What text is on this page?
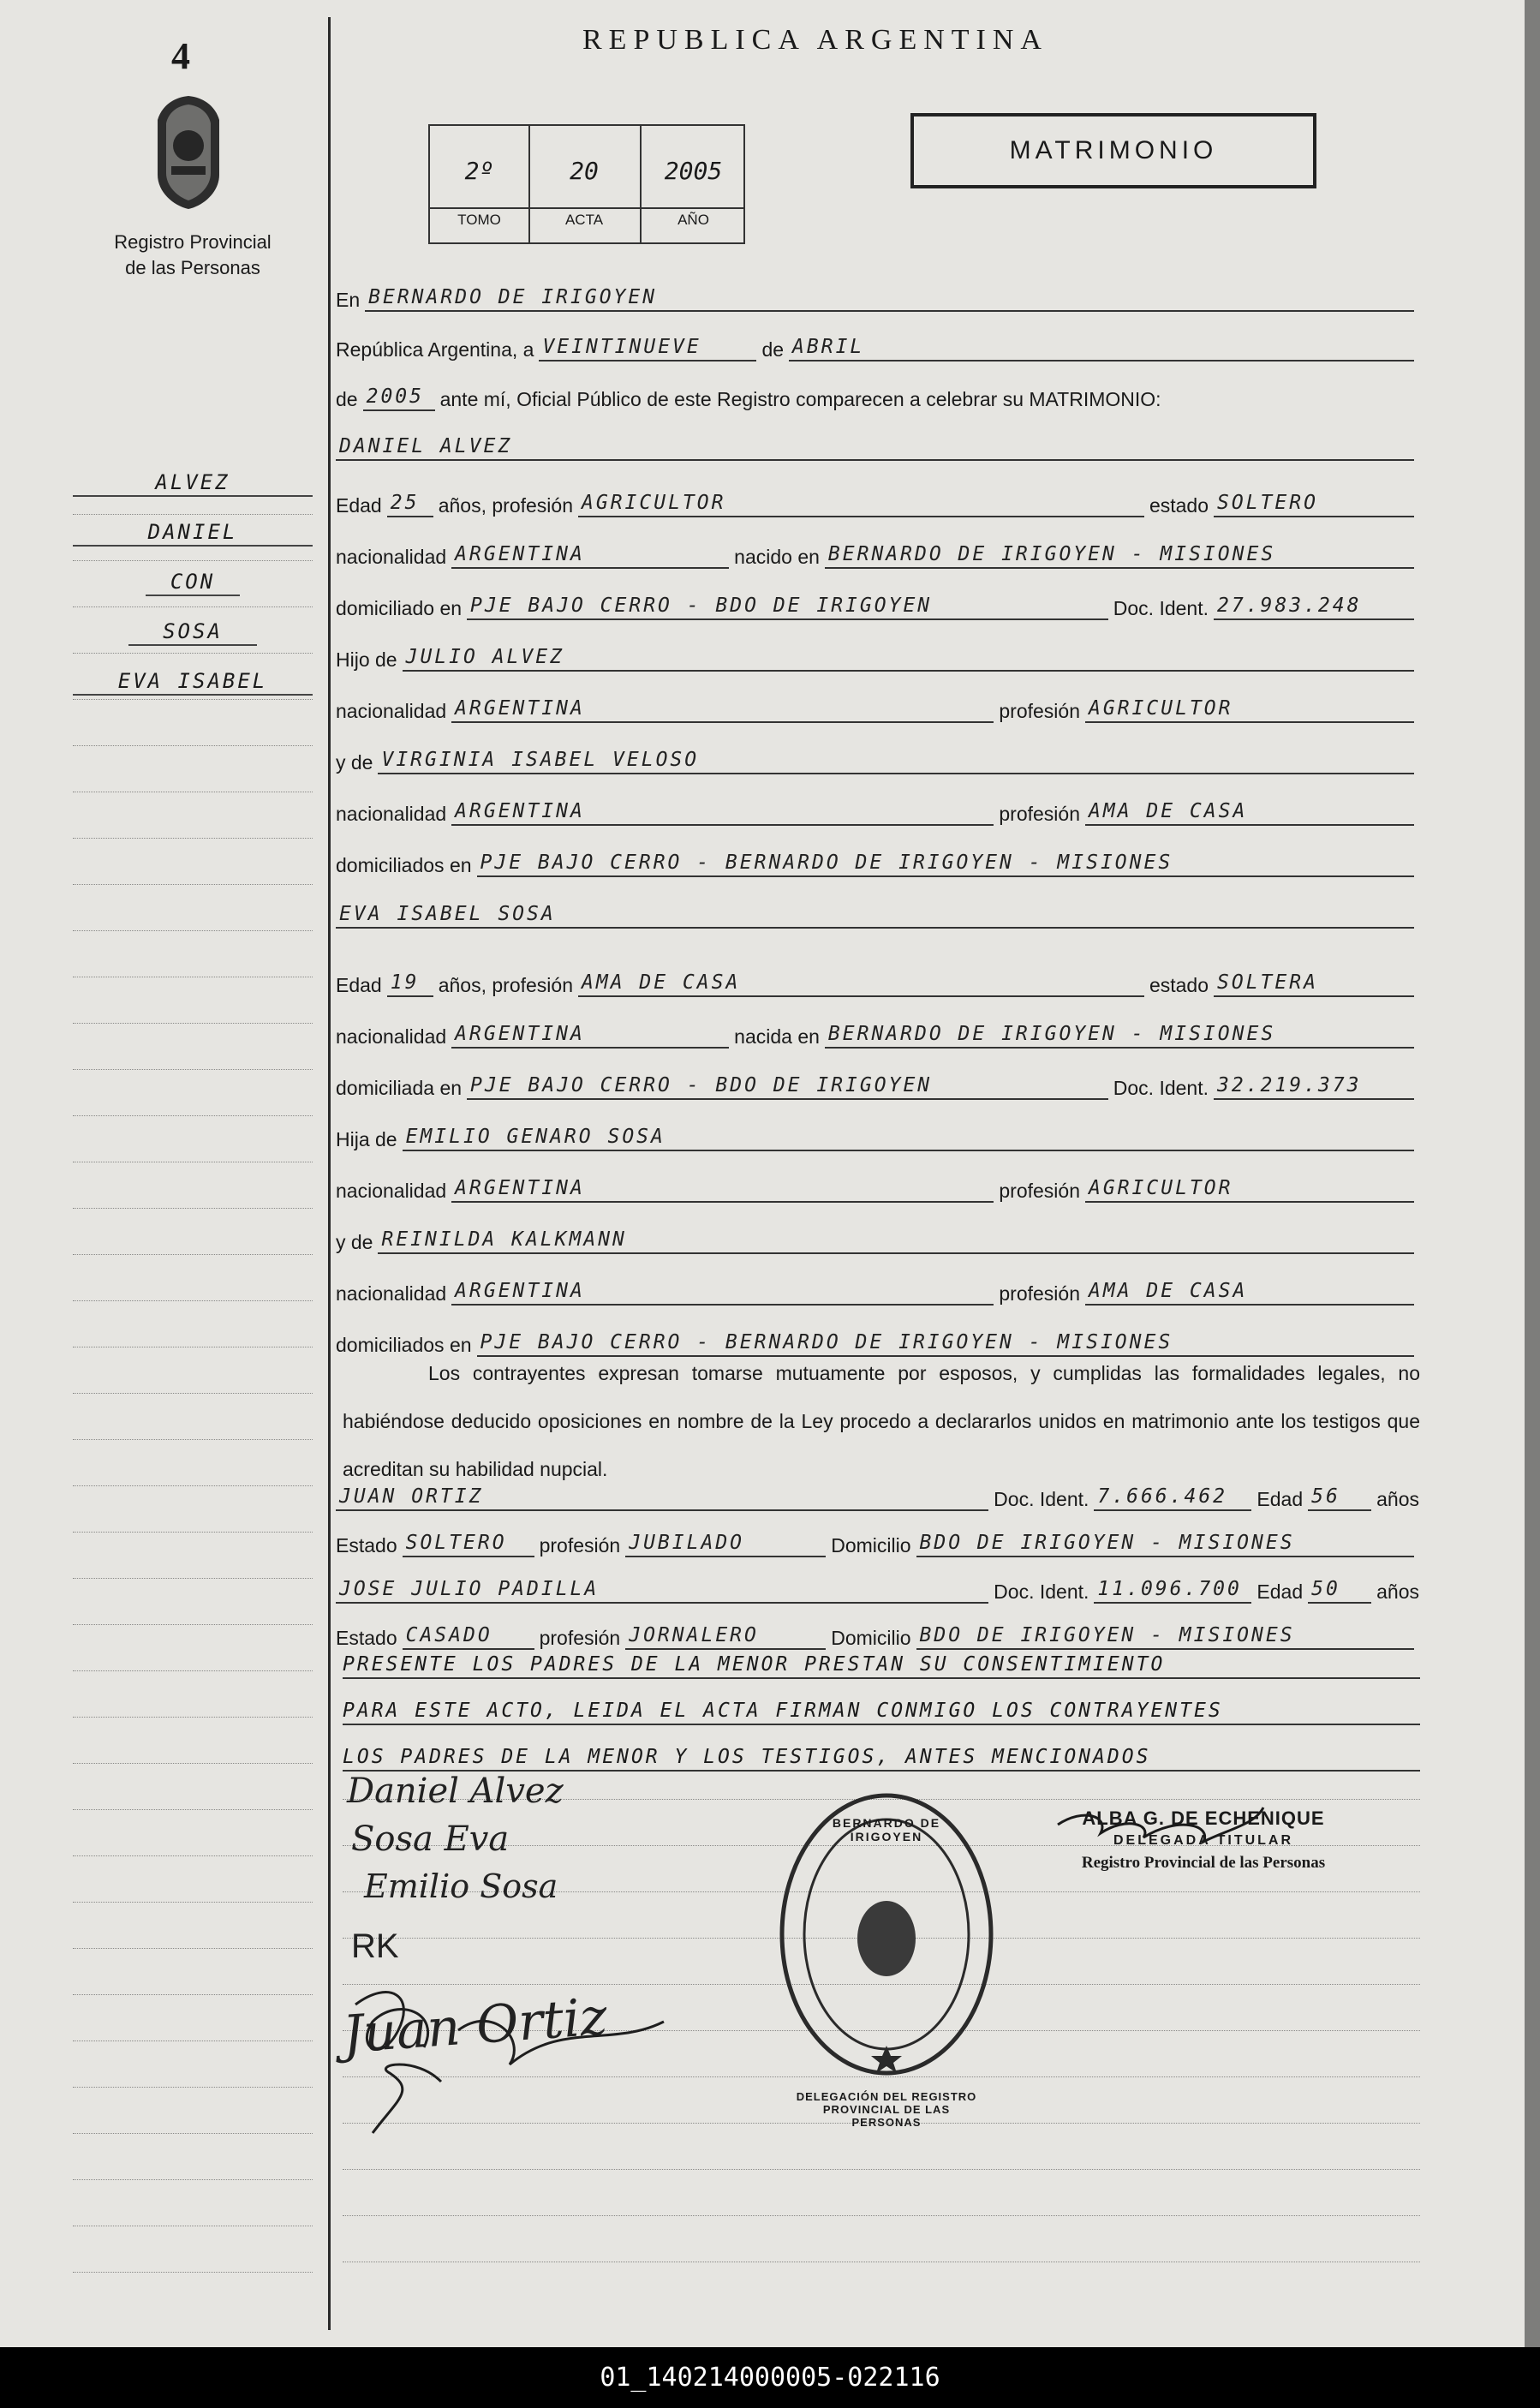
4
Registro Provincial
de las Personas
REPUBLICA ARGENTINA
MATRIMONIO
2º	20	2005
TOMO	ACTA	AÑO
ALVEZ
DANIEL
CON
SOSA
EVA ISABEL
En BERNARDO DE IRIGOYEN
República Argentina, a VEINTINUEVE	de ABRIL
de 2005 ante mí, Oficial Público de este Registro comparecen a celebrar su MATRIMONIO:
DANIEL ALVEZ
Edad 25 años, profesión AGRICULTOR	estado SOLTERO
nacionalidad ARGENTINA	nacido en BERNARDO DE IRIGOYEN - MISIONES
domiciliado en PJE BAJO CERRO - BDO DE IRIGOYEN	Doc. Ident. 27.983.248
Hijo de JULIO ALVEZ
nacionalidad ARGENTINA	profesión AGRICULTOR
y de VIRGINIA ISABEL VELOSO
nacionalidad ARGENTINA	profesión AMA DE CASA
domiciliados en PJE BAJO CERRO - BERNARDO DE IRIGOYEN - MISIONES
EVA ISABEL SOSA
Edad 19 años, profesión AMA DE CASA	estado SOLTERA
nacionalidad ARGENTINA	nacida en BERNARDO DE IRIGOYEN - MISIONES
domiciliada en PJE BAJO CERRO - BDO DE IRIGOYEN	Doc. Ident. 32.219.373
Hija de EMILIO GENARO SOSA
nacionalidad ARGENTINA	profesión AGRICULTOR
y de REINILDA KALKMANN
nacionalidad ARGENTINA	profesión AMA DE CASA
domiciliados en PJE BAJO CERRO - BERNARDO DE IRIGOYEN - MISIONES
Los contrayentes expresan tomarse mutuamente por esposos, y cumplidas las formalidades legales, no habiéndose deducido oposiciones en nombre de la Ley procedo a declararlos unidos en matrimonio ante los testigos que acreditan su habilidad nupcial.
JUAN ORTIZ	Doc. Ident. 7.666.462	Edad 56	años
Estado SOLTERO	profesión JUBILADO	Domicilio BDO DE IRIGOYEN - MISIONES
JOSE JULIO PADILLA	Doc. Ident. 11.096.700 Edad 50	años
Estado CASADO	profesión JORNALERO	Domicilio BDO DE IRIGOYEN - MISIONES
PRESENTE LOS PADRES DE LA MENOR PRESTAN SU CONSENTIMIENTO
PARA ESTE ACTO, LEIDA EL ACTA FIRMAN CONMIGO LOS CONTRAYENTES
LOS PADRES DE LA MENOR Y LOS TESTIGOS, ANTES MENCIONADOS
Daniel Alvez
Sosa Eva
Emilio Sosa
RK
Juan Ortiz
DELEGACIÓN DEL REGISTRO PROVINCIAL DE LAS PERSONAS
BERNARDO DE IRIGOYEN
ALBA G. DE ECHENIQUE
DELEGADA TITULAR
Registro Provincial de las Personas
01_140214000005-022116
